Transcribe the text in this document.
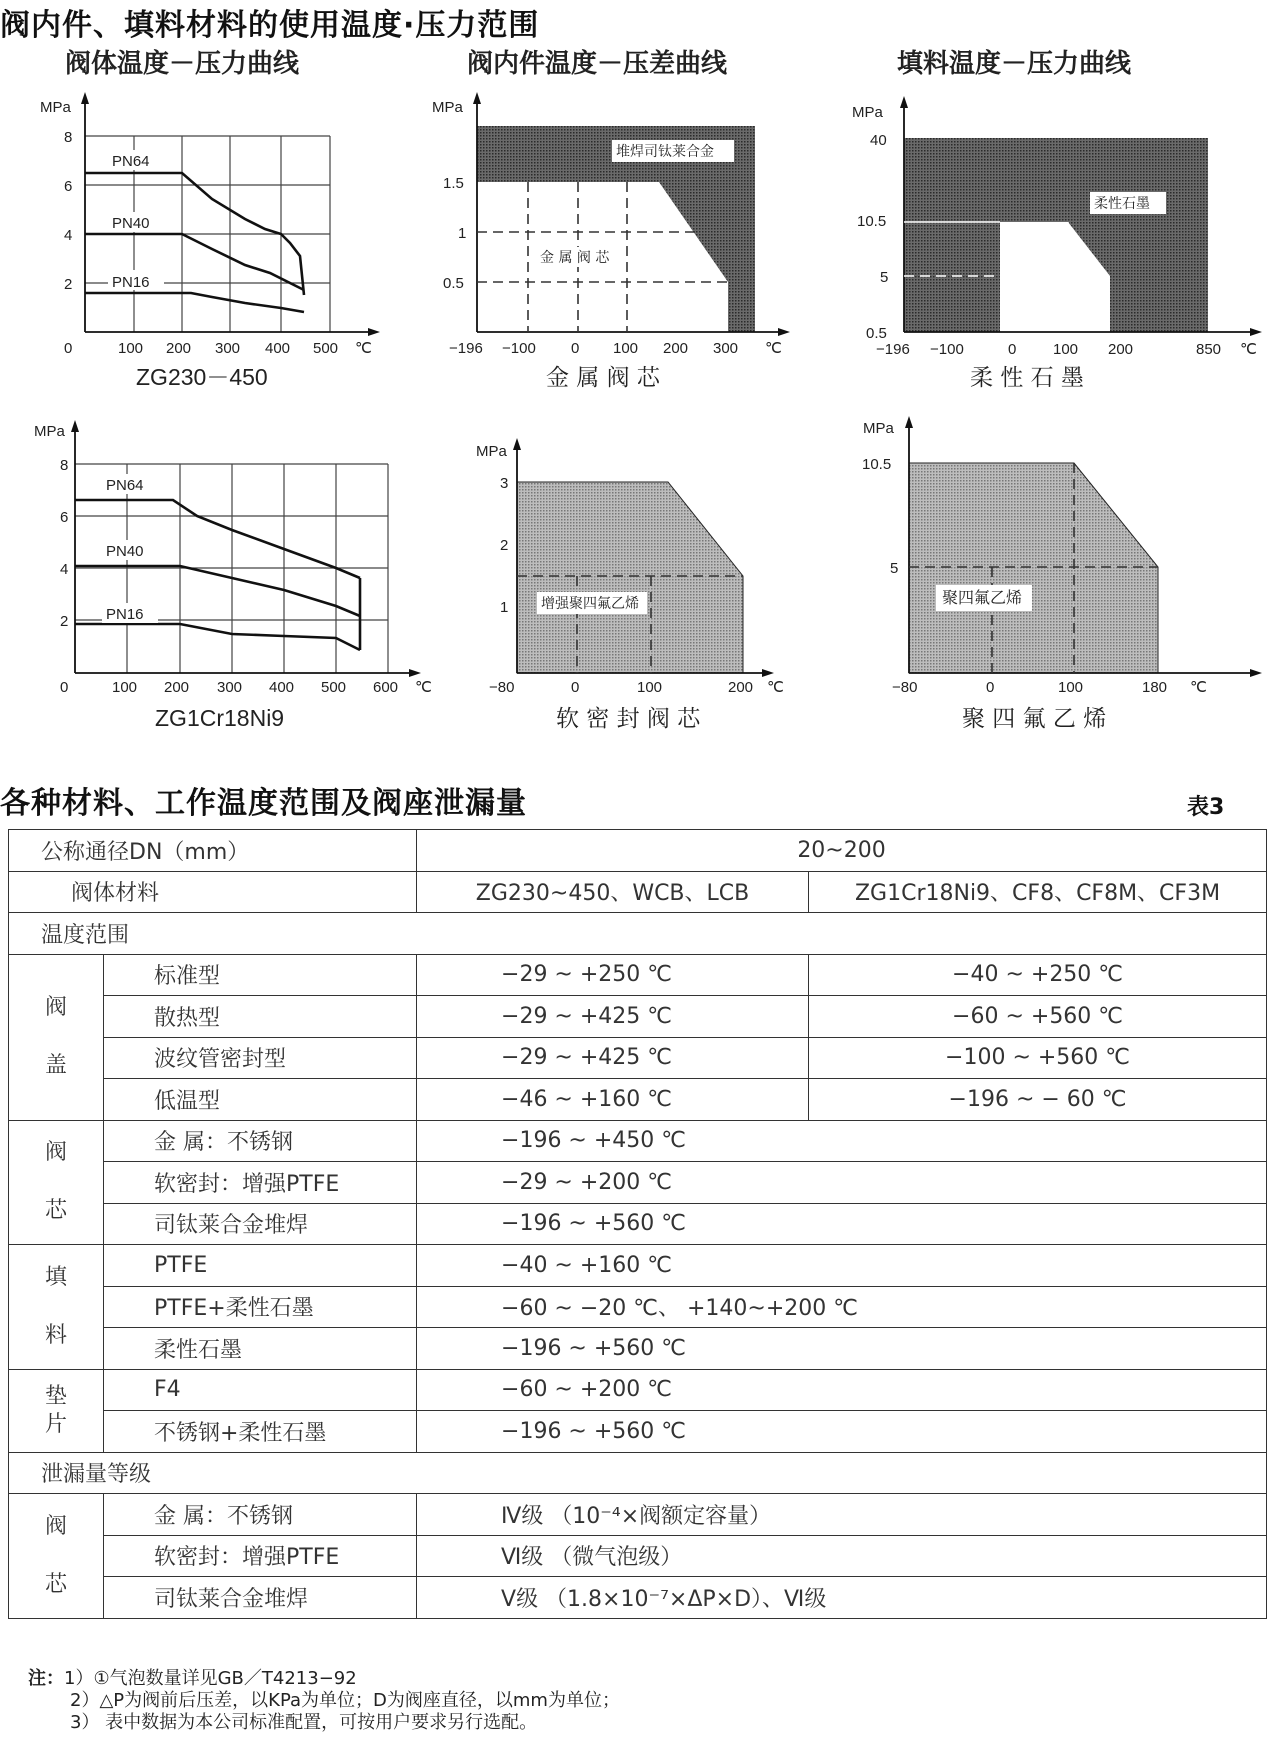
阀内件、填料材料的使用温度·压力范围
阀体温度－压力曲线	阀内件温度－压差曲线	填料温度－压力曲线
PN64
PN40
PN16
MPa
8
6
4
2
0	100 200 300 400 500 ℃
ZG230－450
堆焊司钛莱合金
金 属 阀 芯
MPa
1.5
1
0.5
−196 −100 0 100 200 300 ℃
金 属 阀 芯
柔性石墨
MPa
40
10.5
5
0.5
−196 −100	0 100 200	850 ℃
柔 性 石 墨
PN64
PN40
PN16
MPa
8
6
4
2
0	100 200 300 400 500 600 ℃
ZG1Cr18Ni9
增强聚四氟乙烯
MPa
3
2
1
−80	0	100	200 ℃
软 密 封 阀 芯
聚四氟乙烯
MPa
10.5
5
−80	0	100	180 ℃
聚 四 氟 乙 烯
各种材料、工作温度范围及阀座泄漏量	表3
公称通径DN（mm）		20~200	
阀体材料		ZG230~450、WCB、LCB	ZG1Cr18Ni9、CF8、CF8M、CF3M
温度范围			
阀盖	标准型	−29 ~ +250 ℃	−40 ~ +250 ℃
	散热型	−29 ~ +425 ℃	−60 ~ +560 ℃
	波纹管密封型	−29 ~ +425 ℃	−100 ~ +560 ℃
	低温型	−46 ~ +160 ℃	−196 ~ − 60 ℃
阀芯	金 属：不锈钢	−196 ~ +450 ℃	
	软密封：增强PTFE	−29 ~ +200 ℃	
	司钛莱合金堆焊	−196 ~ +560 ℃	
填料	PTFE	−40 ~ +160 ℃	
	PTFE+柔性石墨	−60 ~ −20 ℃、 +140~+200 ℃	
	柔性石墨	−196 ~ +560 ℃	
垫片	F4	−60 ~ +200 ℃	
	不锈钢+柔性石墨	−196 ~ +560 ℃	
泄漏量等级			
阀芯	金 属：不锈钢	Ⅳ级 （10⁻⁴×阀额定容量）	
	软密封：增强PTFE	Ⅵ级 （微气泡级）	
	司钛莱合金堆焊	Ⅴ级 （1.8×10⁻⁷×ΔP×D）、Ⅵ级	
注：1）①气泡数量详见GB／T4213−92
2）△P为阀前后压差，以KPa为单位；D为阀座直径，以mm为单位；
3） 表中数据为本公司标准配置，可按用户要求另行选配。
